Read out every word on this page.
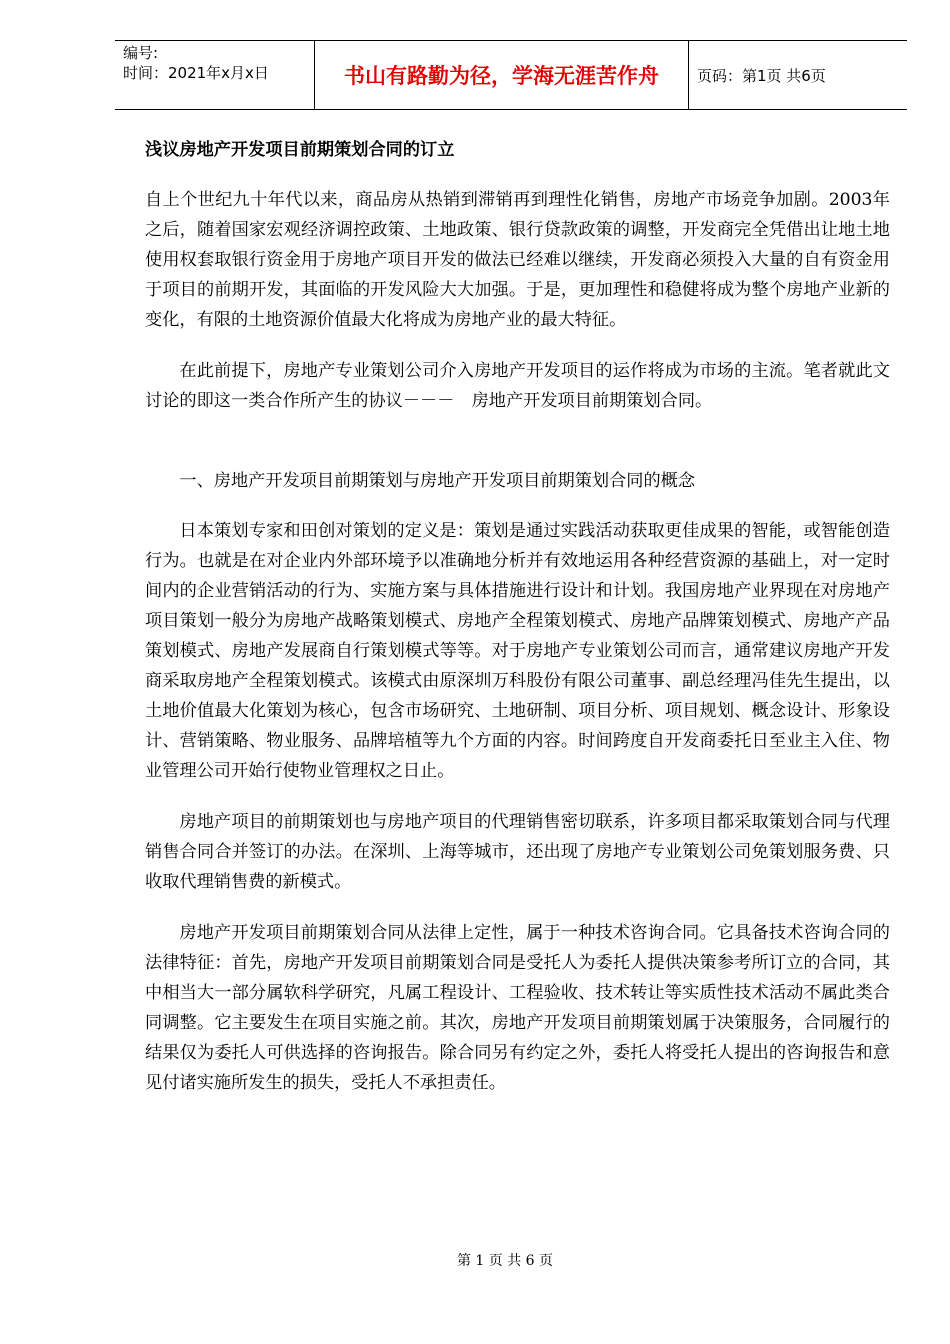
编号:
时间：2021年x月x日	书山有路勤为径，学海无涯苦作舟	页码：第1页 共6页
浅议房地产开发项目前期策划合同的订立

自上个世纪九十年代以来，商品房从热销到滞销再到理性化销售，房地产市场竞争加剧。2003年之后，随着国家宏观经济调控政策、土地政策、银行贷款政策的调整，开发商完全凭借出让地土地使用权套取银行资金用于房地产项目开发的做法已经难以继续，开发商必须投入大量的自有资金用于项目的前期开发，其面临的开发风险大大加强。于是，更加理性和稳健将成为整个房地产业新的变化，有限的土地资源价值最大化将成为房地产业的最大特征。

在此前提下，房地产专业策划公司介入房地产开发项目的运作将成为市场的主流。笔者就此文讨论的即这一类合作所产生的协议－－－　房地产开发项目前期策划合同。

一、房地产开发项目前期策划与房地产开发项目前期策划合同的概念

日本策划专家和田创对策划的定义是：策划是通过实践活动获取更佳成果的智能，或智能创造行为。也就是在对企业内外部环境予以准确地分析并有效地运用各种经营资源的基础上，对一定时间内的企业营销活动的行为、实施方案与具体措施进行设计和计划。我国房地产业界现在对房地产项目策划一般分为房地产战略策划模式、房地产全程策划模式、房地产品牌策划模式、房地产产品策划模式、房地产发展商自行策划模式等等。对于房地产专业策划公司而言，通常建议房地产开发商采取房地产全程策划模式。该模式由原深圳万科股份有限公司董事、副总经理冯佳先生提出，以土地价值最大化策划为核心，包含市场研究、土地研制、项目分析、项目规划、概念设计、形象设计、营销策略、物业服务、品牌培植等九个方面的内容。时间跨度自开发商委托日至业主入住、物业管理公司开始行使物业管理权之日止。

房地产项目的前期策划也与房地产项目的代理销售密切联系，许多项目都采取策划合同与代理销售合同合并签订的办法。在深圳、上海等城市，还出现了房地产专业策划公司免策划服务费、只收取代理销售费的新模式。

房地产开发项目前期策划合同从法律上定性，属于一种技术咨询合同。它具备技术咨询合同的法律特征：首先，房地产开发项目前期策划合同是受托人为委托人提供决策参考所订立的合同，其中相当大一部分属软科学研究，凡属工程设计、工程验收、技术转让等实质性技术活动不属此类合同调整。它主要发生在项目实施之前。其次，房地产开发项目前期策划属于决策服务，合同履行的结果仅为委托人可供选择的咨询报告。除合同另有约定之外，委托人将受托人提出的咨询报告和意见付诸实施所发生的损失，受托人不承担责任。

第 1 页 共 6 页
